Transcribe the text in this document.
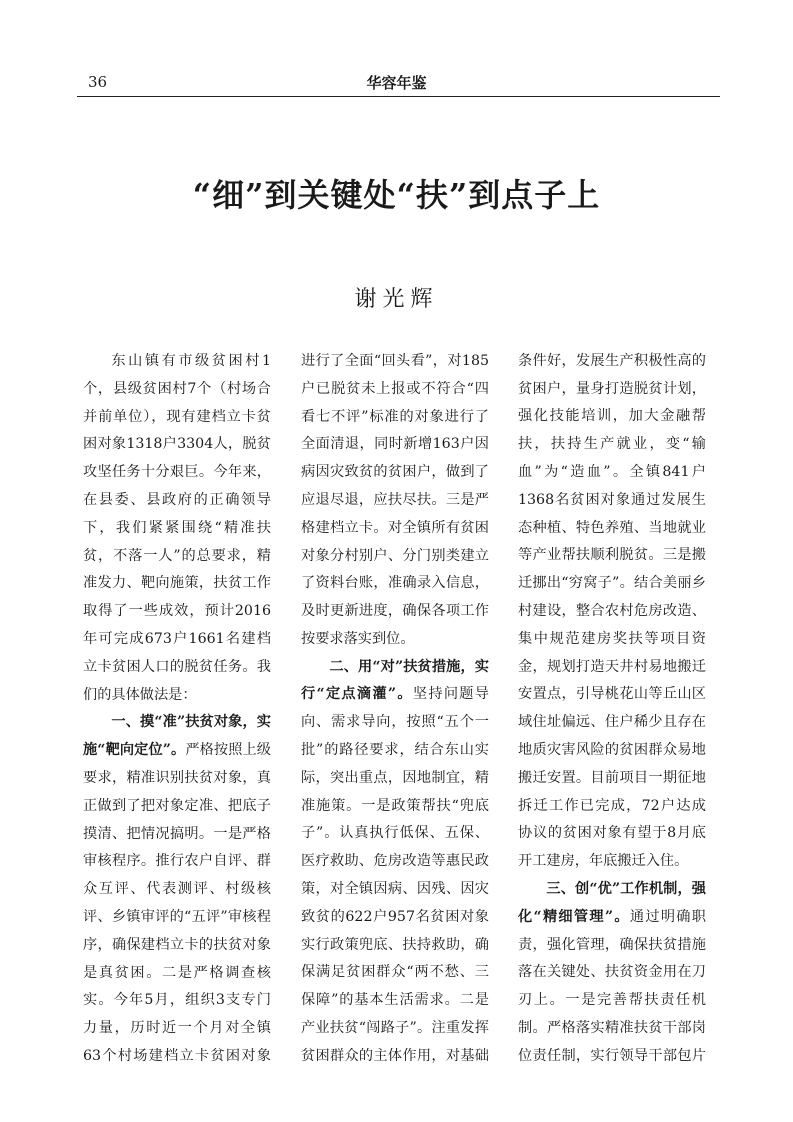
36	华容年鉴
“细”到关键处“扶”到点子上
谢光辉

东山镇有市级贫困村1个，县级贫困村7个（村场合并前单位），现有建档立卡贫困对象1318户3304人，脱贫攻坚任务十分艰巨。今年来，在县委、县政府的正确领导下，我们紧紧围绕“精准扶贫，不落一人”的总要求，精准发力、靶向施策，扶贫工作取得了一些成效，预计2016年可完成673户1661名建档立卡贫困人口的脱贫任务。我们的具体做法是：

一、摸“准”扶贫对象，实施“靶向定位”。严格按照上级要求，精准识别扶贫对象，真正做到了把对象定准、把底子摸清、把情况搞明。一是严格审核程序。推行农户自评、群众互评、代表测评、村级核评、乡镇审评的“五评”审核程序，确保建档立卡的扶贫对象是真贫困。二是严格调查核实。今年5月，组织3支专门力量，历时近一个月对全镇63个村场建档立卡贫困对象

进行了全面“回头看”，对185户已脱贫未上报或不符合“四看七不评”标准的对象进行了全面清退，同时新增163户因病因灾致贫的贫困户，做到了应退尽退，应扶尽扶。三是严格建档立卡。对全镇所有贫困对象分村别户、分门别类建立了资料台账，准确录入信息，及时更新进度，确保各项工作按要求落实到位。

二、用“对”扶贫措施，实行“定点滴灌”。坚持问题导向、需求导向，按照“五个一批”的路径要求，结合东山实际，突出重点，因地制宜，精准施策。一是政策帮扶“兜底子”。认真执行低保、五保、医疗救助、危房改造等惠民政策，对全镇因病、因残、因灾致贫的622户957名贫困对象实行政策兜底、扶持救助，确保满足贫困群众“两不愁、三保障”的基本生活需求。二是产业扶贫“闯路子”。注重发挥贫困群众的主体作用，对基础

条件好，发展生产积极性高的贫困户，量身打造脱贫计划，强化技能培训，加大金融帮扶，扶持生产就业，变“输血”为“造血”。全镇841户1368名贫困对象通过发展生态种植、特色养殖、当地就业等产业帮扶顺利脱贫。三是搬迁挪出“穷窝子”。结合美丽乡村建设，整合农村危房改造、集中规范建房奖扶等项目资金，规划打造天井村易地搬迁安置点，引导桃花山等丘山区域住址偏远、住户稀少且存在地质灾害风险的贫困群众易地搬迁安置。目前项目一期征地拆迁工作已完成，72户达成协议的贫困对象有望于8月底开工建房，年底搬迁入住。

三、创“优”工作机制，强化“精细管理”。通过明确职责，强化管理，确保扶贫措施落在关键处、扶贫资金用在刀刃上。一是完善帮扶责任机制。严格落实精准扶贫干部岗位责任制，实行领导干部包片
